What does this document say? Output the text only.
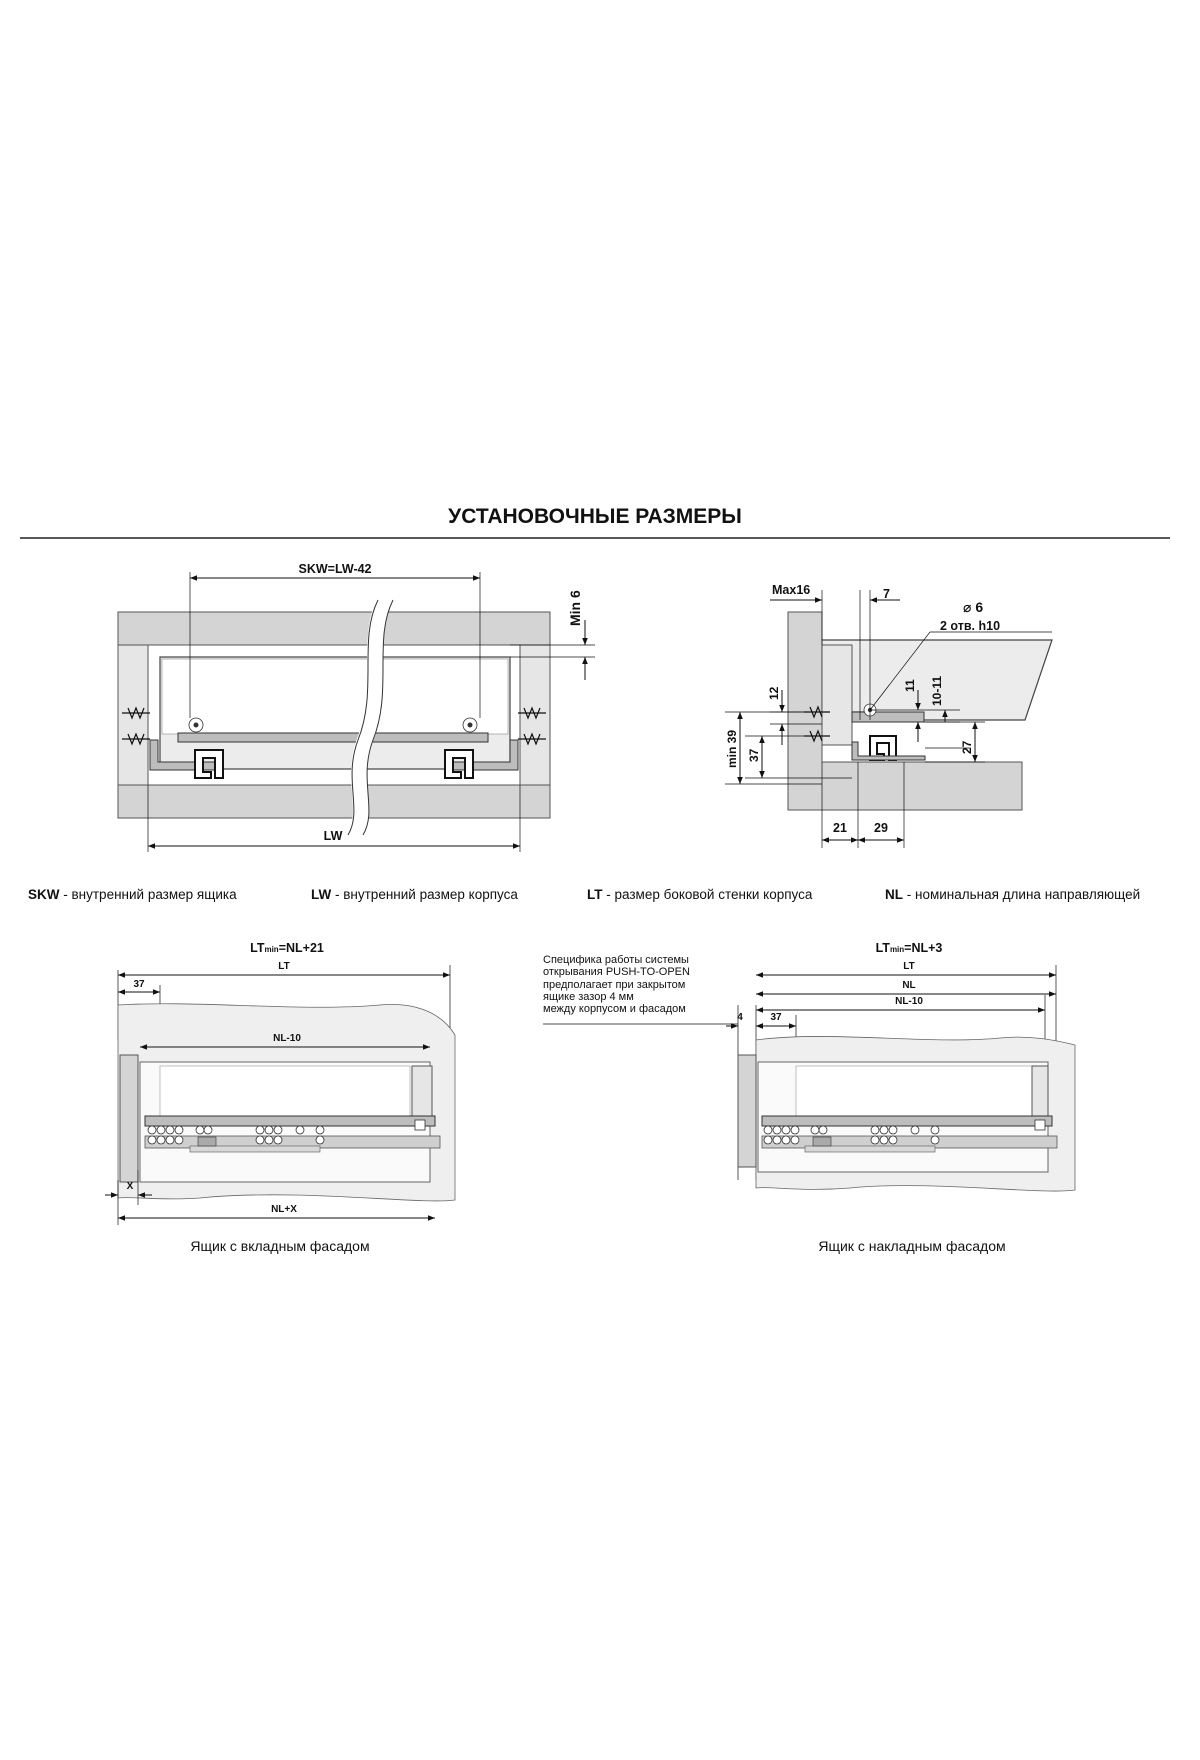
УСТАНОВОЧНЫЕ РАЗМЕРЫ
SKW=LW-42
LW
Min 6
Max16	7
⌀ 6
2 отв. h10
12
37
min 39
11 10-11
27
21 29
SKW - внутренний размер ящика	LW - внутренний размер корпуса	LT - размер боковой стенки корпуса	NL - номинальная длина направляющей
LTmin=NL+21
LT
37
NL-10
X
NL+X
Ящик с вкладным фасадом
LTmin=NL+3
Специфика работы системы
открывания PUSH-TO-OPEN
предполагает при закрытом
ящике зазор 4 мм
между корпусом и фасадом
LT
NL
NL-10
4	37
Ящик с накладным фасадом
